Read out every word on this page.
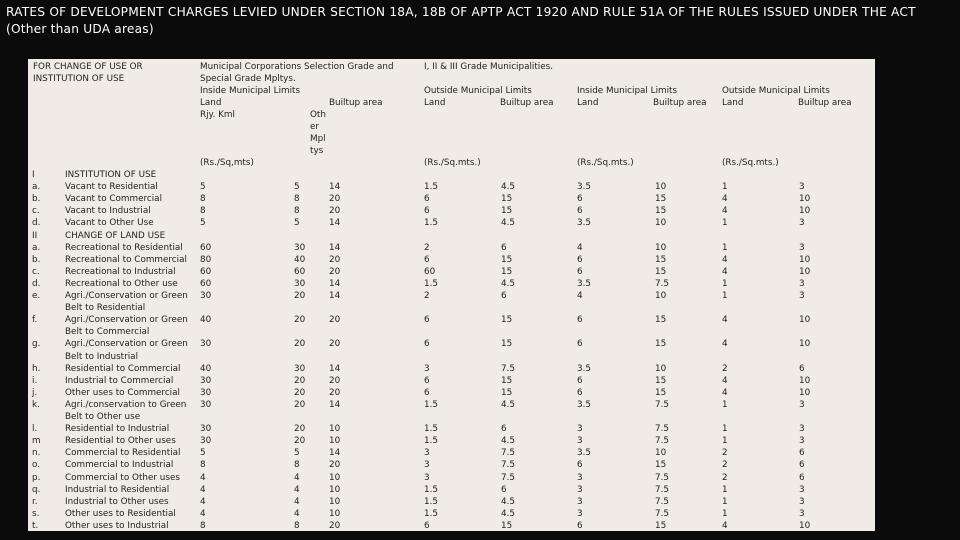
RATES OF DEVELOPMENT CHARGES LEVIED UNDER SECTION 18A, 18B OF APTP ACT 1920 AND RULE 51A OF THE RULES ISSUED UNDER THE ACT (Other than UDA areas)
FOR CHANGE OF USE OR INSTITUTION OF USE
Municipal Corporations Selection Grade and
Special Grade Mpltys.
Inside Municipal Limits
Land	Builtup area
Rjy. Kml	Oth
er
Mpl
tys
(Rs./Sq,mts)
I, II & III Grade Municipalities.
Outside Municipal Limits
Land	Builtup area
(Rs./Sq.mts.)
Inside Municipal Limits
Land	Builtup area
(Rs./Sq.mts.)
Outside Municipal Limits
Land	Builtup area
(Rs./Sq.mts.)
I	INSTITUTION OF USE
a.	Vacant to Residential	5	5	14	1.5	4.5	3.5	10	1	3
b.	Vacant to Commercial	8	8	20	6	15	6	15	4	10
c.	Vacant to Industrial	8	8	20	6	15	6	15	4	10
d.	Vacant to Other Use	5	5	14	1.5	4.5	3.5	10	1	3
II	CHANGE OF LAND USE
a.	Recreational to Residential 60	30	14	2	6	4	10	1	3
b.	Recreational to Commercial 80	40	20	6	15	6	15	4	10
c.	Recreational to Industrial	60	60	20	60	15	6	15	4	10
d.	Recreational to Other use	60	30	14	1.5	4.5	3.5	7.5	1	3
e.	Agri./Conservation or Green 30	20	14	2	6	4	10	1	3
Belt to Residential
f.	Agri./Conservation or Green 40	20	20	6	15	6	15	4	10
Belt to Commercial
g.	Agri./Conservation or Green 30	20	20	6	15	6	15	4	10
Belt to Industrial
h.	Residential to Commercial 40	30	14	3	7.5	3.5	10	2	6
i.	Industrial to Commercial	30	20	20	6	15	6	15	4	10
j.	Other uses to Commercial 30	20	20	6	15	6	15	4	10
k.	Agri./conservation to Green 30	20	14	1.5	4.5	3.5	7.5	1	3
Belt to Other use
l.	Residential to Industrial	30	20	10	1.5	6	3	7.5	1	3
m	Residential to Other uses	30	20	10	1.5	4.5	3	7.5	1	3
n.	Commercial to Residential 5	5	14	3	7.5	3.5	10	2	6
o.	Commercial to Industrial	8	8	20	3	7.5	6	15	2	6
p.	Commercial to Other uses 4	4	10	3	7.5	3	7.5	2	6
q.	Industrial to Residential	4	4	10	1.5	6	3	7.5	1	3
r.	Industrial to Other uses	4	4	10	1.5	4.5	3	7.5	1	3
s.	Other uses to Residential	4	4	10	1.5	4.5	3	7.5	1	3
t.	Other uses to Industrial	8	8	20	6	15	6	15	4	10
